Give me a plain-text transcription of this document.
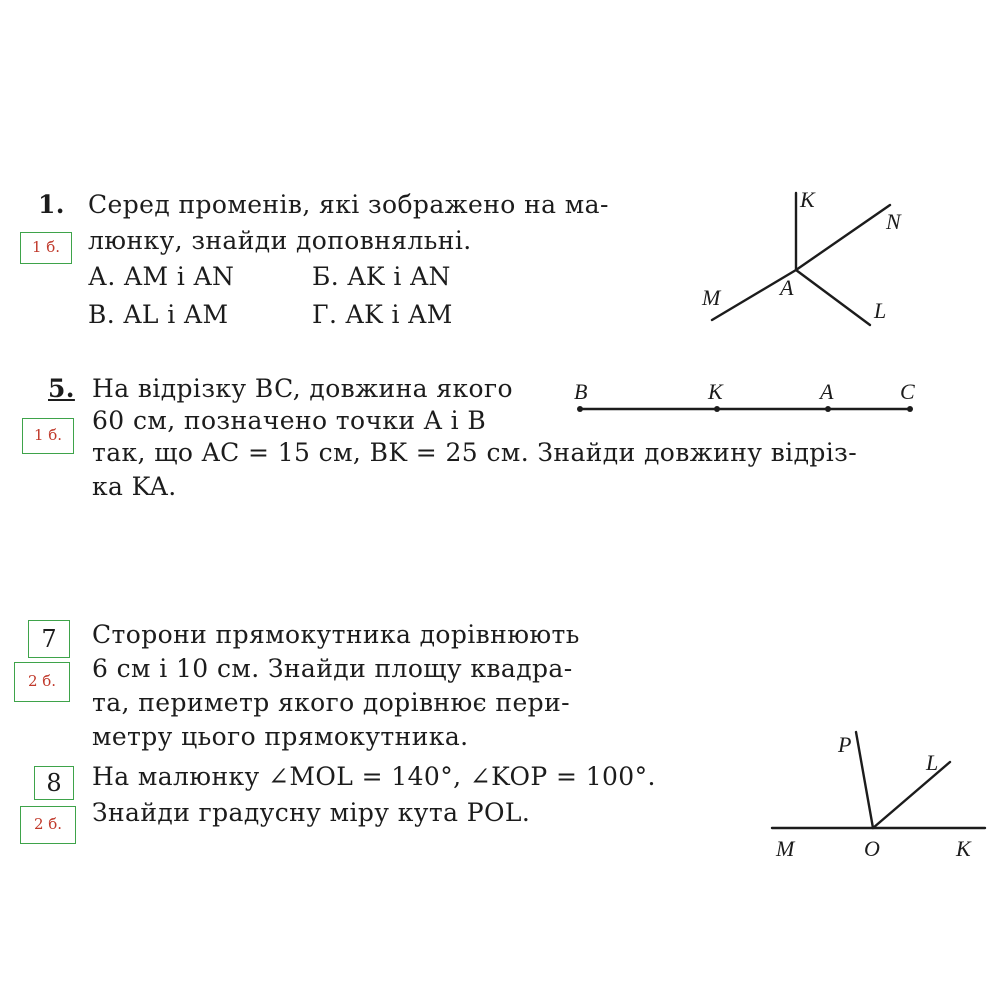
1. Серед променів, які зображено на ма-
люнку, знайди доповняльні.
1 б.
А. AM і AN	Б. AK і AN
В. AL і AM	Г. AK і AM
K
N
M	A
L
5. На відрізку BC, довжина якого
60 см, позначено точки A і B
1 б.
так, що AC = 15 см, BK = 25 см. Знайди довжину відріз-
ка KA.
B	K	A	C
7
2 б.
Сторони прямокутника дорівнюють
6 см і 10 см. Знайди площу квадра-
та, периметр якого дорівнює пери-
метру цього прямокутника.
8
2 б.
На малюнку ∠MOL = 140°, ∠KOP = 100°.
Знайди градусну міру кута POL.
P
L
M	O	K
